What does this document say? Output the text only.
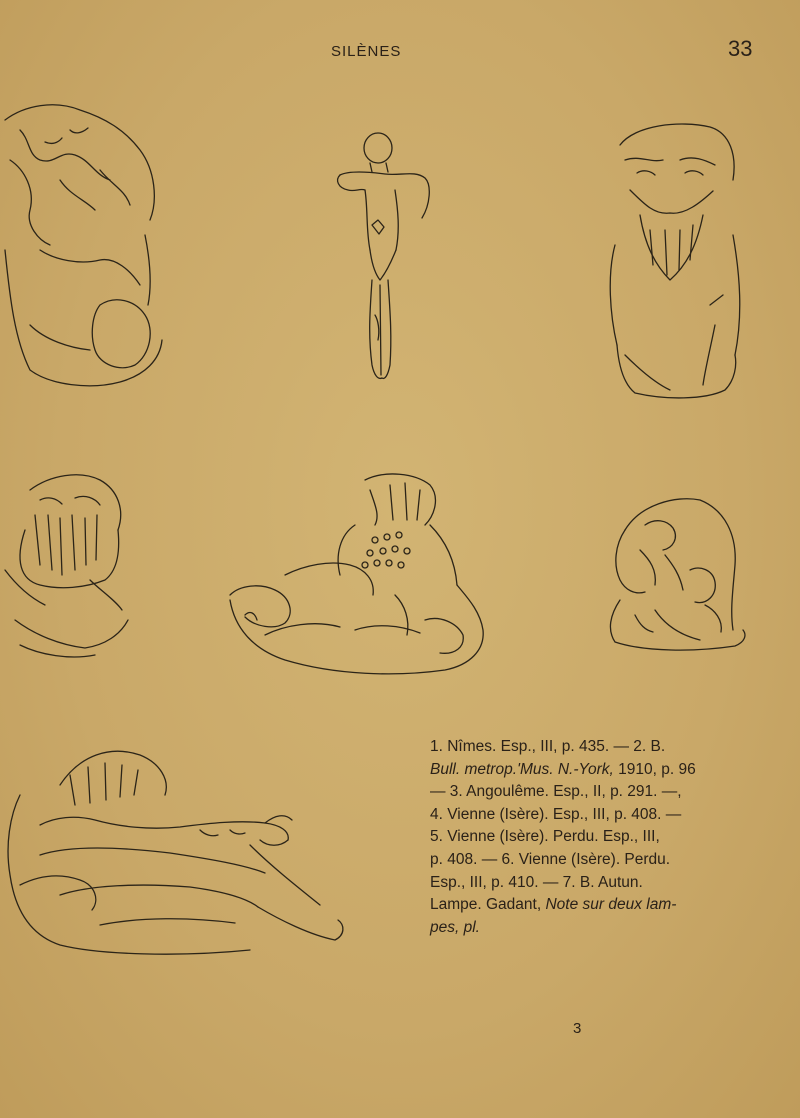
SILÈNES	33
1. Nîmes. Esp., III, p. 435. — 2. B.
Bull. metrop.'Mus. N.-York, 1910, p. 96
— 3. Angoulême. Esp., II, p. 291. —,
4. Vienne (Isère). Esp., III, p. 408. —
5. Vienne (Isère). Perdu. Esp., III,
p. 408. — 6. Vienne (Isère). Perdu.
Esp., III, p. 410. — 7. B. Autun.
Lampe. Gadant, Note sur deux lam-
pes, pl.
3
